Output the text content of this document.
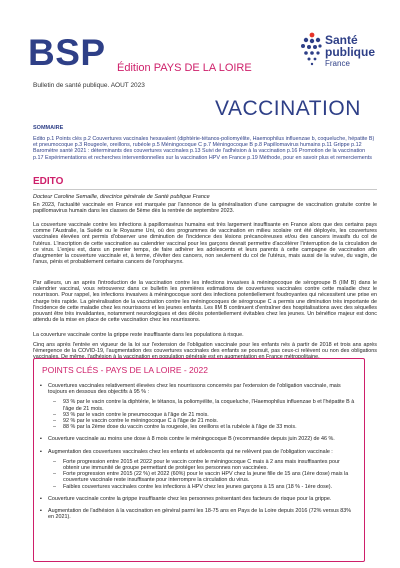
BSP Édition PAYS DE LA LOIRE
Bulletin de santé publique. AOUT 2023
Santé
publique
France
VACCINATION
SOMMAIRE
Edito p.1 Points clés p.2 Couvertures vaccinales hexavalent (diphtérie-tétanos-poliomyélite, Haemophilus influenzae b, coqueluche, hépatite B) et pneumocoque p.3 Rougeole, oreillons, rubéole p.5 Méningocoque C p.7 Méningocoque B p.8 Papillomavirus humains p.11 Grippe p.12 Baromètre santé 2021 : déterminants des couvertures vaccinales p.13 Suivi de l'adhésion à la vaccination p.16 Promotion de la vaccination p.17 Expérimentations et recherches interventionnelles sur la vaccination HPV en France p.19 Méthode, pour en savoir plus et remerciements
EDITO
Docteur Caroline Semaille, directrice générale de Santé publique France

En 2023, l'actualité vaccinale en France est marquée par l'annonce de la généralisation d'une campagne de vaccination gratuite contre le papillomavirus humain dans les classes de 5ème dès la rentrée de septembre 2023.

La couverture vaccinale contre les infections à papillomavirus humains est très largement insuffisante en France alors que des certains pays comme l'Australie, la Suède ou le Royaume Uni, où des programmes de vaccination en milieu scolaire ont été déployés, les couvertures vaccinales élevées ont permis d'observer une diminution de l'incidence des lésions précancéreuses et/ou des cancers invasifs du col de l'utérus. L'inscription de cette vaccination au calendrier vaccinal pour les garçons devrait permettre d'accélérer l'interruption de la circulation de ce virus. L'enjeu est, dans un premier temps, de faire adhérer les adolescents et leurs parents à cette campagne de vaccination afin d'augmenter la couverture vaccinale et, à terme, d'éviter des cancers, non seulement du col de l'utérus, mais aussi de la vulve, du vagin, de l'anus, pénis et probablement certains cancers de l'oropharynx.

Par ailleurs, un an après l'introduction de la vaccination contre les infections invasives à méningocoque de sérogroupe B (IIM B) dans le calendrier vaccinal, vous retrouverez dans ce bulletin les premières estimations de couvertures vaccinales contre cette maladie chez le nourrisson. Pour rappel, les infections invasives à méningocoque sont des infections potentiellement foudroyantes qui nécessitent une prise en charge très rapide. La généralisation de la vaccination contre les méningocoques de sérogroupe C a permis une diminution très importante de l'incidence de cette maladie chez les nourrissons et les jeunes enfants. Les IIM B continuent d'entraîner des hospitalisations avec des séquelles pouvant être très invalidantes, notamment neurologiques et des décès potentiellement évitables chez les jeunes. Un bénéfice majeur est donc attendu de la mise en place de cette vaccination chez les nourrissons.

La couverture vaccinale contre la grippe reste insuffisante dans les populations à risque.

Cinq ans après l'entrée en vigueur de la loi sur l'extension de l'obligation vaccinale pour les enfants nés à partir de 2018 et trois ans après l'émergence de la COVID-19, l'augmentation des couvertures vaccinales des enfants se poursuit, pas ceux-ci relèvent ou non des obligations vaccinales. De même, l'adhésion à la vaccination en population générale est en augmentation en France métropolitaine.

POINTS CLÉS - PAYS DE LA LOIRE - 2022
▪ Couvertures vaccinales relativement élevées chez les nourrissons concernés par l'extension de l'obligation vaccinale, mais toujours en dessous des objectifs à 95 % :
– 93 % par le vacin contre la diphtérie, le tétanos, la poliomyélite, la coqueluche, l'Haemophilus influenzae b et l'hépatite B à l'âge de 21 mois.
– 93 % par le vacin contre le pneumocoque à l'âge de 21 mois.
– 92 % par le vaccin contre le méningocoque C à l'âge de 21 mois.
– 88 % par la 2ème dose du vaccin contre la rougeole, les oreillons et la rubéole à l'âge de 33 mois.
▪ Couverture vaccinale au moins une dose à 8 mois contre le méningocoque B (recommandée depuis juin 2022) de 46 %.
▪ Augmentation des couvertures vaccinales chez les enfants et adolescents qui ne relèvent pas de l'obligation vaccinale :
– Forte progression entre 2015 et 2022 pour le vaccin contre le méningocoque C mais à 2 ans mais insuffisantes pour obtenir une immunité de groupe permettant de protéger les personnes non vaccinées.
– Forte progression entre 2015 (22 %) et 2022 (60%) pour le vaccin HPV chez la jeune fille de 15 ans (1ère dose) mais la couverture vaccinale reste insuffisante pour interrompre la circulation du virus.
– Faibles couvertures vaccinales contre les infections à HPV chez les jeunes garçons à 15 ans (18 % - 1ère dose).
▪ Couverture vaccinale contre la grippe insuffisante chez les personnes présentant des facteurs de risque pour la grippe.
▪ Augmentation de l'adhésion à la vaccination en général parmi les 18-75 ans en Pays de la Loire depuis 2016 (72% versus 83% en 2021).
